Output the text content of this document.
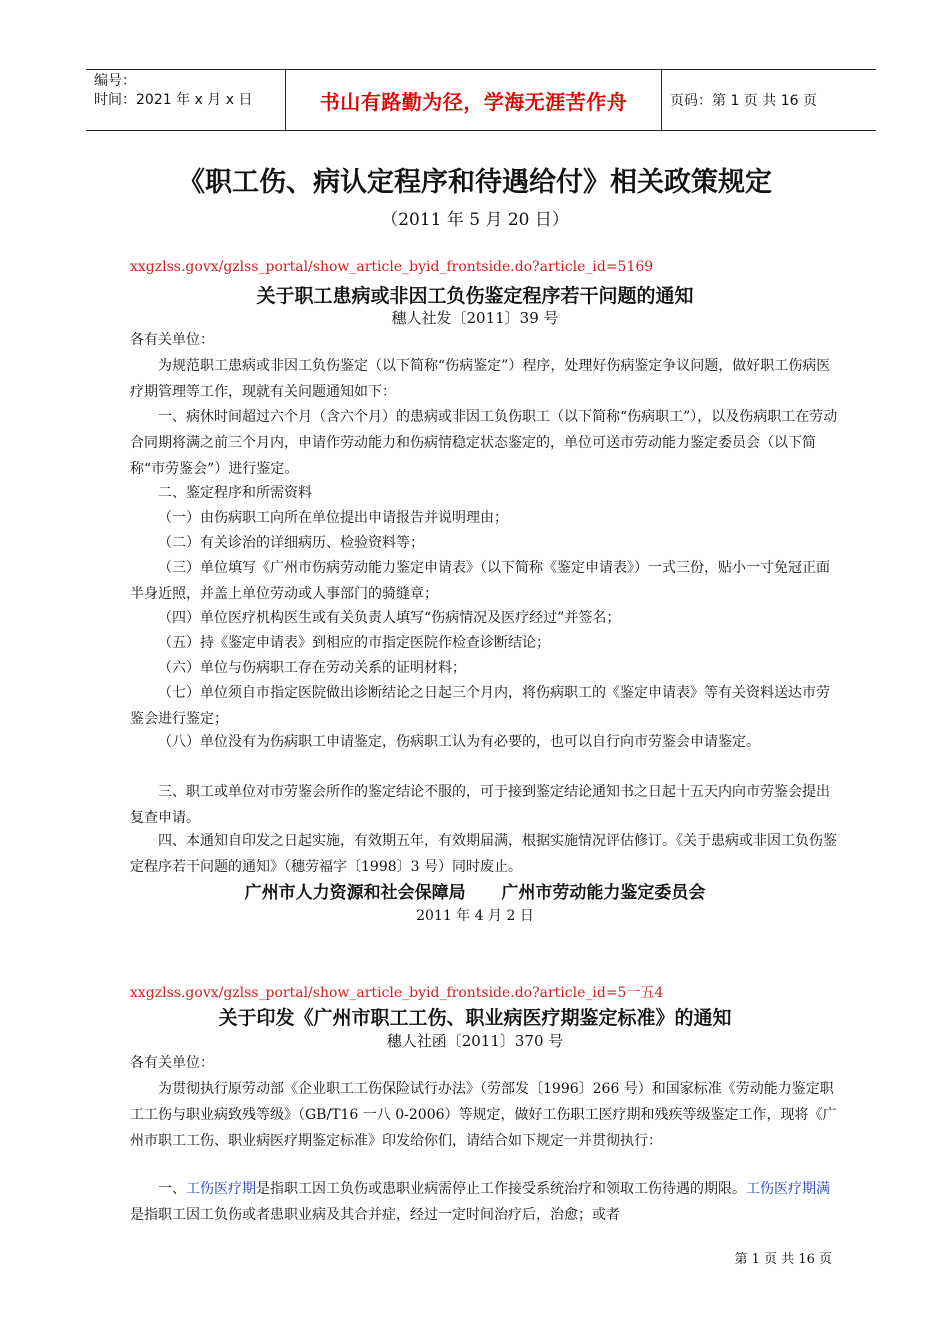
编号：
时间：2021 年 x 月 x 日	书山有路勤为径，学海无涯苦作舟	页码：第 1 页 共 16 页
《职工伤、病认定程序和待遇给付》相关政策规定
（2011 年 5 月 20 日）
xxgzlss.govx/gzlss_portal/show_article_byid_frontside.do?article_id=5169
关于职工患病或非因工负伤鉴定程序若干问题的通知
穗人社发〔2011〕39 号

各有关单位：

为规范职工患病或非因工负伤鉴定（以下简称“伤病鉴定”）程序，处理好伤病鉴定争议问题，做好职工伤病医疗期管理等工作，现就有关问题通知如下：

一、病休时间超过六个月（含六个月）的患病或非因工负伤职工（以下简称“伤病职工”），以及伤病职工在劳动合同期将满之前三个月内，申请作劳动能力和伤病情稳定状态鉴定的，单位可送市劳动能力鉴定委员会（以下简称“市劳鉴会”）进行鉴定。

二、鉴定程序和所需资料

（一）由伤病职工向所在单位提出申请报告并说明理由；

（二）有关诊治的详细病历、检验资料等；

（三）单位填写《广州市伤病劳动能力鉴定申请表》（以下简称《鉴定申请表》）一式三份，贴小一寸免冠正面半身近照，并盖上单位劳动或人事部门的骑缝章；

（四）单位医疗机构医生或有关负责人填写“伤病情况及医疗经过”并签名；

（五）持《鉴定申请表》到相应的市指定医院作检查诊断结论；

（六）单位与伤病职工存在劳动关系的证明材料；

（七）单位须自市指定医院做出诊断结论之日起三个月内，将伤病职工的《鉴定申请表》等有关资料送达市劳鉴会进行鉴定；

（八）单位没有为伤病职工申请鉴定，伤病职工认为有必要的，也可以自行向市劳鉴会申请鉴定。

三、职工或单位对市劳鉴会所作的鉴定结论不服的，可于接到鉴定结论通知书之日起十五天内向市劳鉴会提出复查申请。

四、本通知自印发之日起实施，有效期五年，有效期届满，根据实施情况评估修订。《关于患病或非因工负伤鉴定程序若干问题的通知》（穗劳福字〔1998〕3 号）同时废止。

广州市人力资源和社会保障局 广州市劳动能力鉴定委员会
2011 年 4 月 2 日
xxgzlss.govx/gzlss_portal/show_article_byid_frontside.do?article_id=5一五4
关于印发《广州市职工工伤、职业病医疗期鉴定标准》的通知
穗人社函〔2011〕370 号

各有关单位：

为贯彻执行原劳动部《企业职工工伤保险试行办法》（劳部发〔1996〕266 号）和国家标准《劳动能力鉴定职工工伤与职业病致残等级》（GB/T16 一八 0-2006）等规定，做好工伤职工医疗期和残疾等级鉴定工作，现将《广州市职工工伤、职业病医疗期鉴定标准》印发给你们，请结合如下规定一并贯彻执行：

一、工伤医疗期是指职工因工负伤或患职业病需停止工作接受系统治疗和领取工伤待遇的期限。工伤医疗期满是指职工因工负伤或者患职业病及其合并症，经过一定时间治疗后，治愈；或者

第 1 页 共 16 页
